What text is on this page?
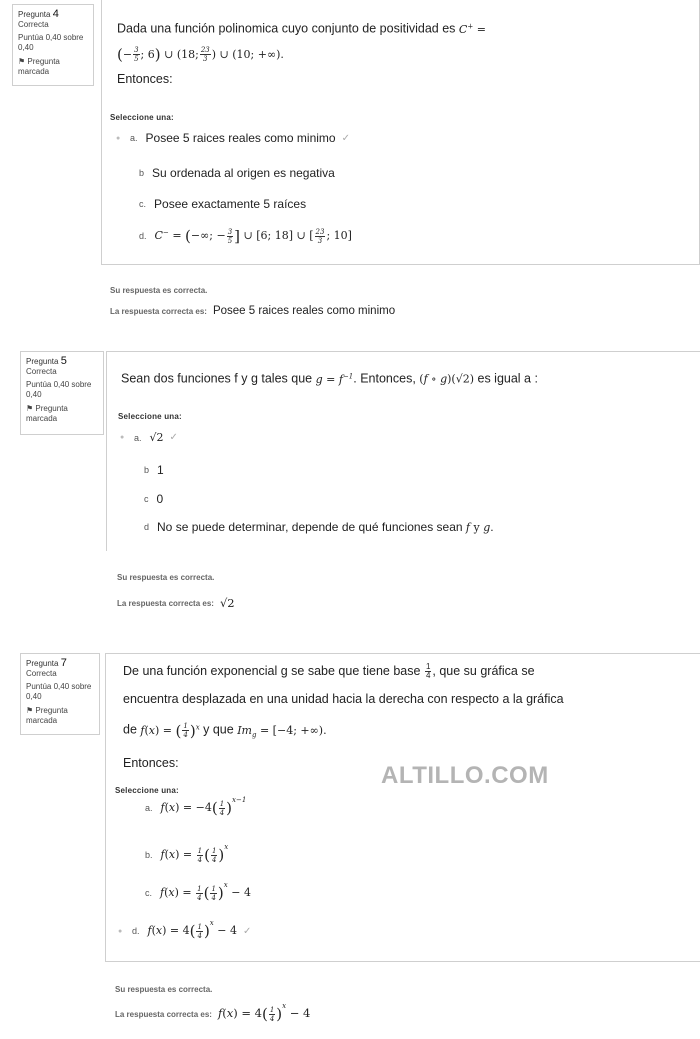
Pregunta 4
Correcta
Puntúa 0,40 sobre 0,40
⚑ Pregunta marcada
Dada una función polinomica cuyo conjunto de positividad es C+ =
(− $\frac{3}{5}$ ; 6) ∪ (18; $\frac{23}{3}$ ) ∪ (10; +∞).
Entonces:
Seleccione una:
●	a. Posee 5 raices reales como minimo ✓
b Su ordenada al origen es negativa
c. Posee exactamente 5 raíces
d. C− = (−∞; − $\frac{3}{5}$ ] ∪ [6; 18] ∪ [ $\frac{23}{3}$ ; 10]
Su respuesta es correcta.
La respuesta correcta es: Posee 5 raices reales como minimo
Pregunta 5
Correcta
Puntúa 0,40 sobre 0,40
⚑ Pregunta marcada
Sean dos funciones f y g tales que $g = f^{-1}$. Entonces, (f ∘ g)(√2) es igual a :
Seleccione una:
●	a. √2 ✓
b 1
c 0
d No se puede determinar, depende de qué funciones sean
f y g .
Su respuesta es correcta.
La respuesta correcta es: √2
Pregunta 7
Correcta
Puntúa 0,40 sobre 0,40
⚑ Pregunta marcada
De una función exponencial g se sabe que tiene base $\frac{1}{4}$ , que su gráfica se
encuentra desplazada en una unidad hacia la derecha con respecto a la gráfica
de f(x) = ( $\frac{1}{4} )^x$ y que $Im_g = [-4$; +∞).
Entonces:	ALTILLO.COM
Seleccione una:
a. $f(x) = -4( \frac{1}{4} )^{x-1}$
b. $f(x) = \frac{1}{4}$ ( $\frac{1}{4} )^x$
c. $f(x) = \frac{1}{4}$ ( $\frac{1}{4} )^x - 4$
●	d. $f(x) = 4( \frac{1}{4} )^x - 4$ ✓
Su respuesta es correcta.
La respuesta correcta es: $f(x) = 4( \frac{1}{4} )^x - 4$
